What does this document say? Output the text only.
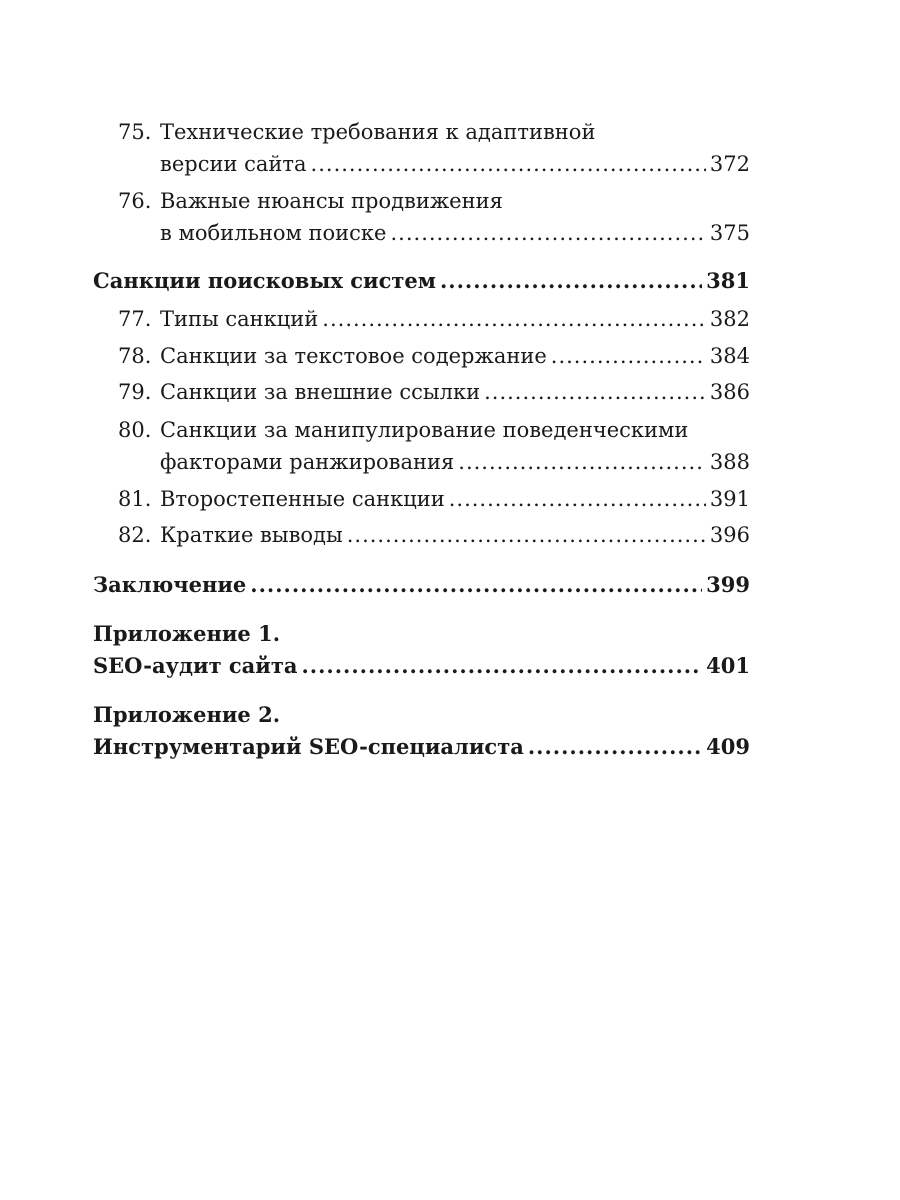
75. Технические требования к адаптивной
версии сайта .....	372
76. Важные нюансы продвижения
в мобильном поиске .....	375
Санкции поисковых систем .....	381
77. Типы санкций .....	382
78. Санкции за текстовое содержание .....	384
79. Санкции за внешние ссылки .....	386
80. Санкции за манипулирование поведенческими
факторами ранжирования .....	388
81. Второстепенные санкции .....	391
82. Краткие выводы .....	396
Заключение .....	399
Приложение 1.
SEO-аудит сайта .....	401
Приложение 2.
Инструментарий SEO-специалиста .....	409
